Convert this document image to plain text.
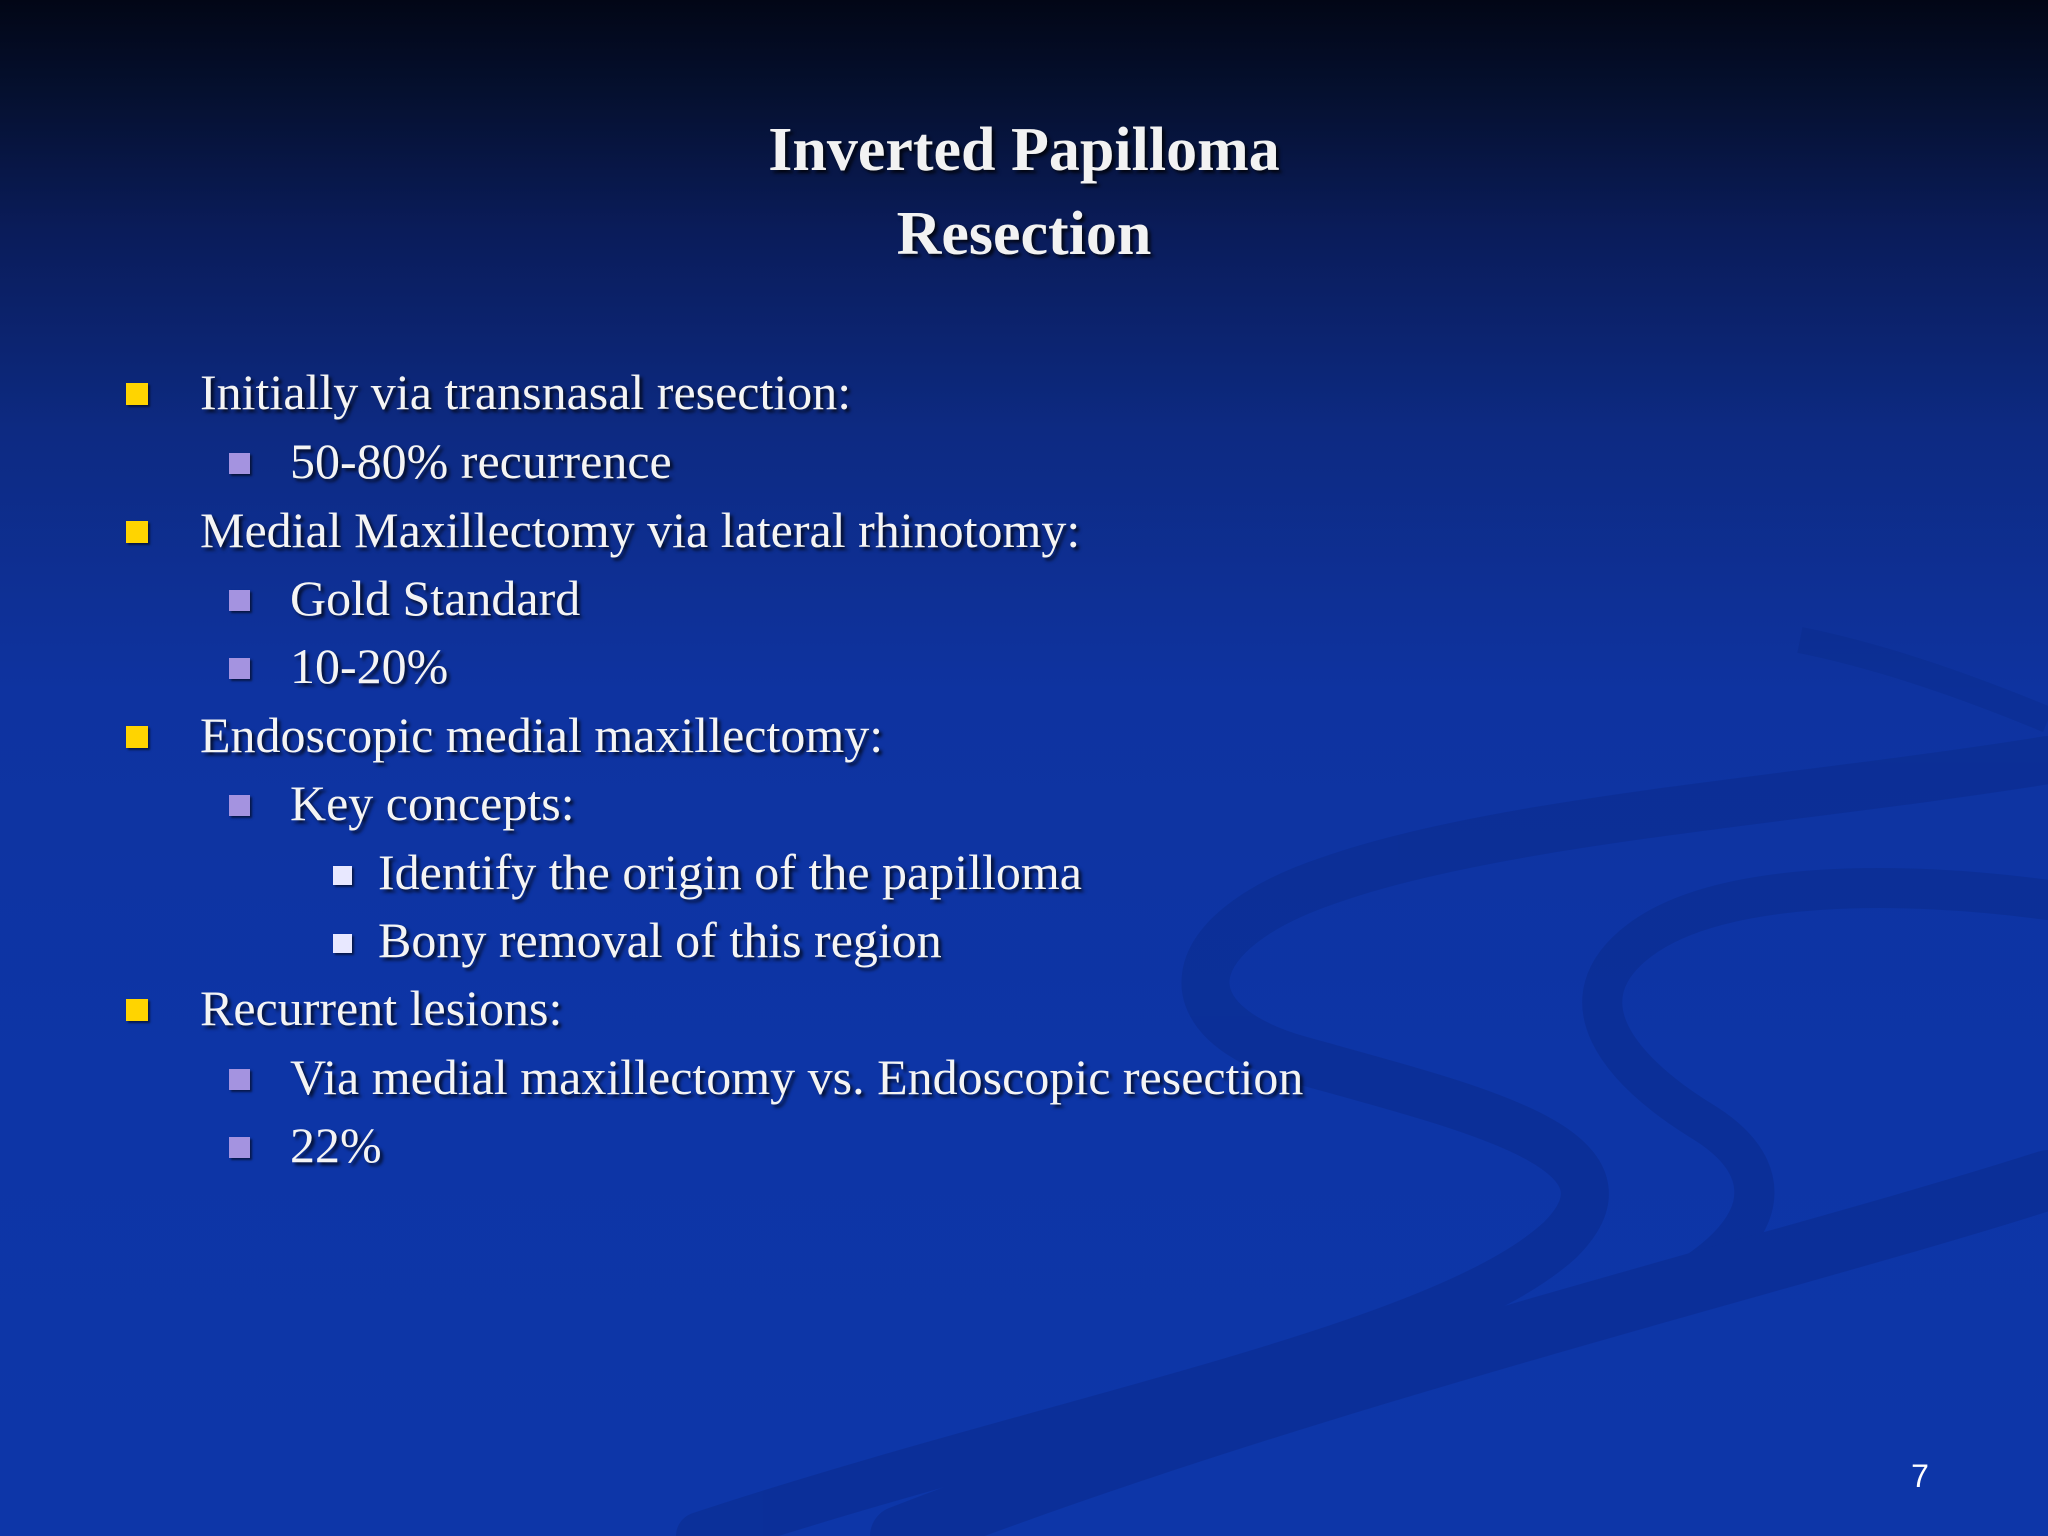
Inverted Papilloma
Resection
Initially via transnasal resection:
50-80% recurrence
Medial Maxillectomy via lateral rhinotomy:
Gold Standard
10-20%
Endoscopic medial maxillectomy:
Key concepts:
Identify the origin of the papilloma
Bony removal of this region
Recurrent lesions:
Via medial maxillectomy vs. Endoscopic resection
22%
7
